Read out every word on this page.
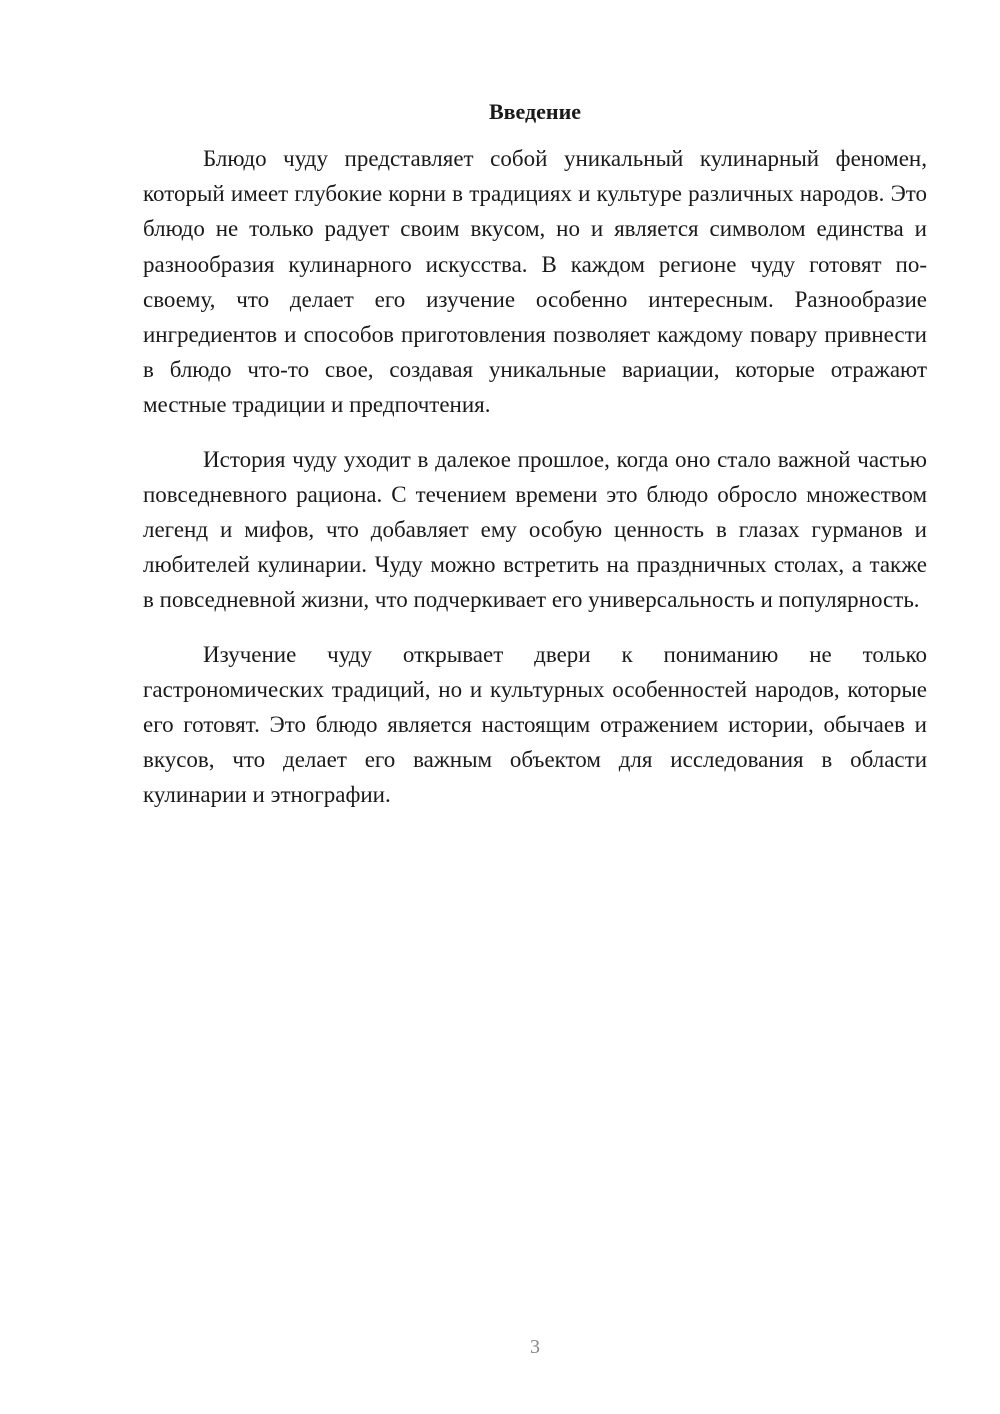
Введение

Блюдо чуду представляет собой уникальный кулинарный феномен, который имеет глубокие корни в традициях и культуре различных народов. Это блюдо не только радует своим вкусом, но и является символом единства и разнообразия кулинарного искусства. В каждом регионе чуду готовят по-своему, что делает его изучение особенно интересным. Разнообразие ингредиентов и способов приготовления позволяет каждому повару привнести в блюдо что-то свое, создавая уникальные вариации, которые отражают местные традиции и предпочтения.

История чуду уходит в далекое прошлое, когда оно стало важной частью повседневного рациона. С течением времени это блюдо обросло множеством легенд и мифов, что добавляет ему особую ценность в глазах гурманов и любителей кулинарии. Чуду можно встретить на праздничных столах, а также в повседневной жизни, что подчеркивает его универсальность и популярность.

Изучение чуду открывает двери к пониманию не только гастрономических традиций, но и культурных особенностей народов, которые его готовят. Это блюдо является настоящим отражением истории, обычаев и вкусов, что делает его важным объектом для исследования в области кулинарии и этнографии.

3
